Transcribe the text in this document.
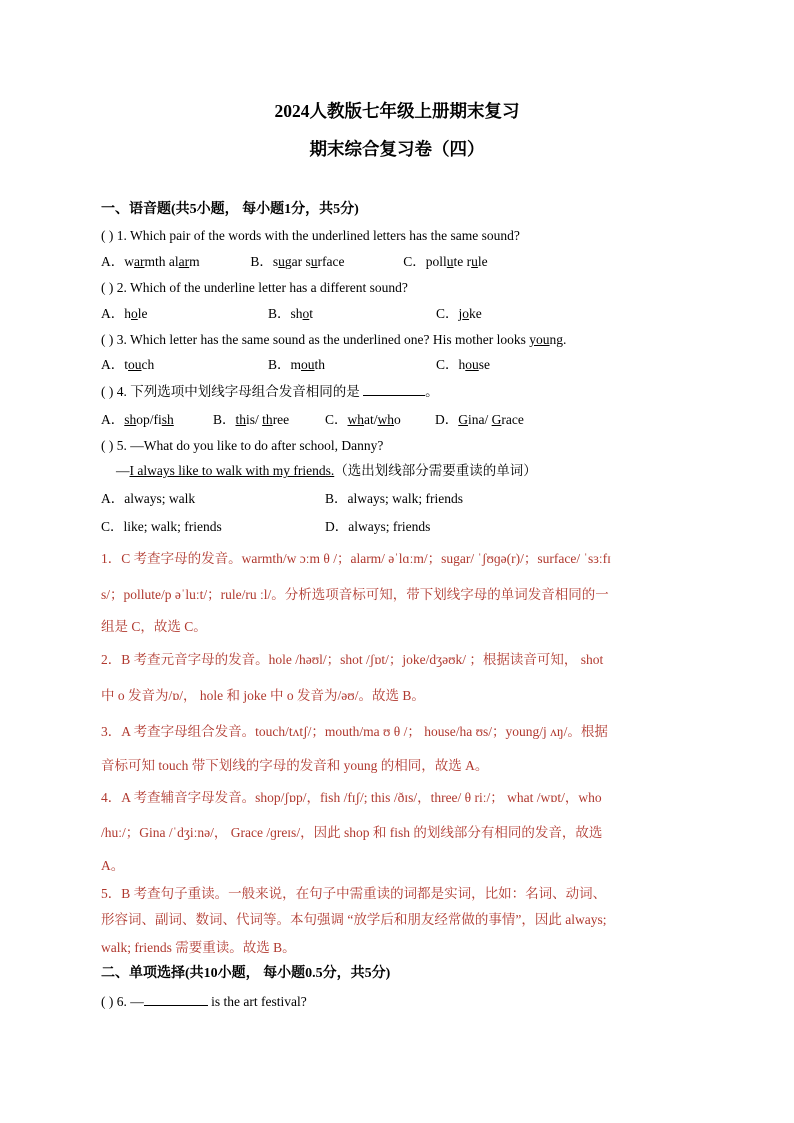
2024人教版七年级上册期末复习
期末综合复习卷（四）
一、语音题(共5小题， 每小题1分，共5分)
( ) 1. Which pair of the words with the underlined letters has the same sound?
A．warmth alarm	B．sugar surface	C．pollute rule
( ) 2. Which of the underline letter has a different sound?
A．hole	B．shot	C．joke
( ) 3. Which letter has the same sound as the underlined one? His mother looks young.
A．touch	B．mouth	C．house
( ) 4. 下列选项中划线字母组合发音相同的是	。
A．shop/fish	B．this/ three	C．what/who	D．Gina/ Grace
( ) 5. —What do you like to do after school, Danny?
—I always like to walk with my friends.（选出划线部分需要重读的单词）
A．always; walk	B．always; walk; friends
C．like; walk; friends	D．always; friends
1．C 考查字母的发音。warmth/w ɔːm θ /；alarm/ əˈlɑːm/；sugar/ ˈʃʊɡə(r)/；surface/ ˈsɜːfɪ
s/；pollute/p əˈluːt/；rule/ru ːl/。分析选项音标可知，带下划线字母的单词发音相同的一
组是 C，故选 C。
2．B 考查元音字母的发音。hole /həʊl/；shot /ʃɒt/；joke/dʒəʊk/ ；根据读音可知， shot
中 o 发音为/ɒ/， hole 和 joke 中 o 发音为/əʊ/。故选 B。
3．A 考查字母组合发音。touch/tʌtʃ/；mouth/ma ʊ θ /； house/ha ʊs/；young/j ʌŋ/。根据
音标可知 touch 带下划线的字母的发音和 young 的相同，故选 A。
4．A 考查辅音字母发音。shop/ʃɒp/，fish /fɪʃ/; this /ðɪs/，three/ θ riː/； what /wɒt/，who
/huː/；Gina /ˈdʒiːnə/， Grace /ɡreɪs/，因此 shop 和 fish 的划线部分有相同的发音，故选
A。
5．B 考查句子重读。一般来说，在句子中需重读的词都是实词，比如：名词、动词、
形容词、副词、数词、代词等。本句强调 “放学后和朋友经常做的事情”，因此 always;
walk; friends 需要重读。故选 B。
二、单项选择(共10小题， 每小题0.5分，共5分)
( ) 6. —	is the art festival?
